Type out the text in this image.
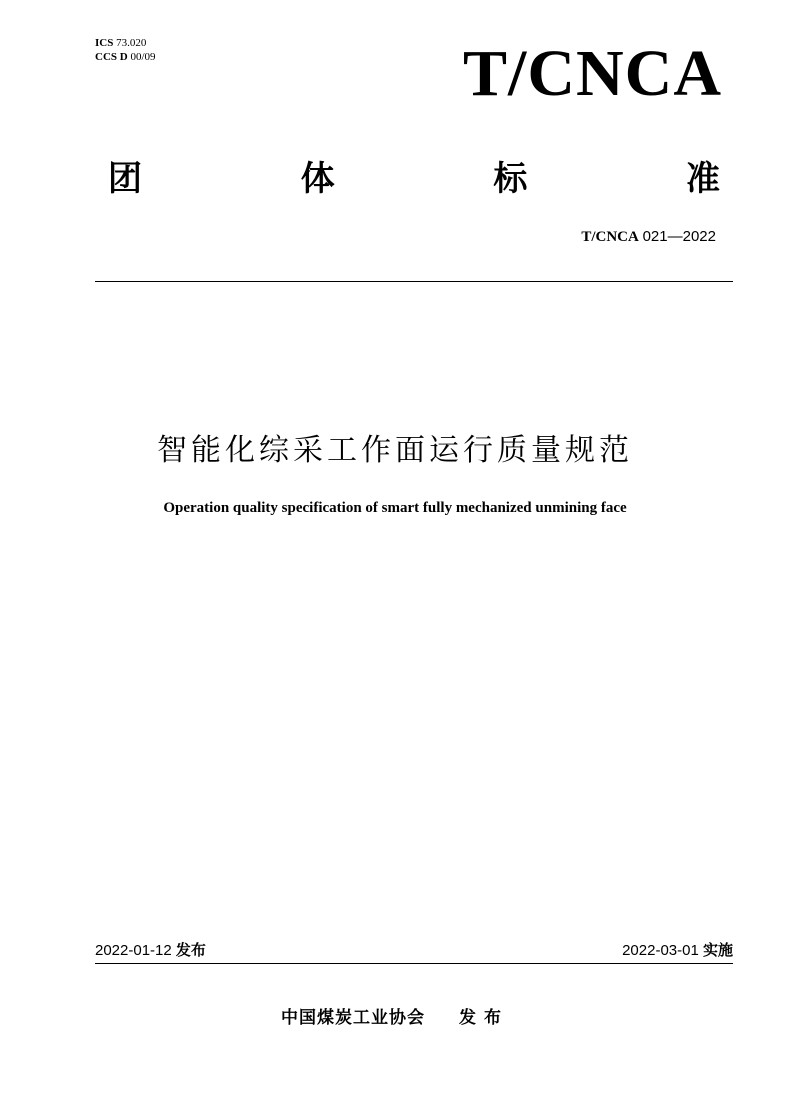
ICS 73.020
CCS D 00/09	T/CNCA
团	体	标	准
T/CNCA 021—2022
智能化综采工作面运行质量规范
Operation quality specification of smart fully mechanized unmining face
2022-01-12 发布	2022-03-01 实施
中国煤炭工业协会 发布
